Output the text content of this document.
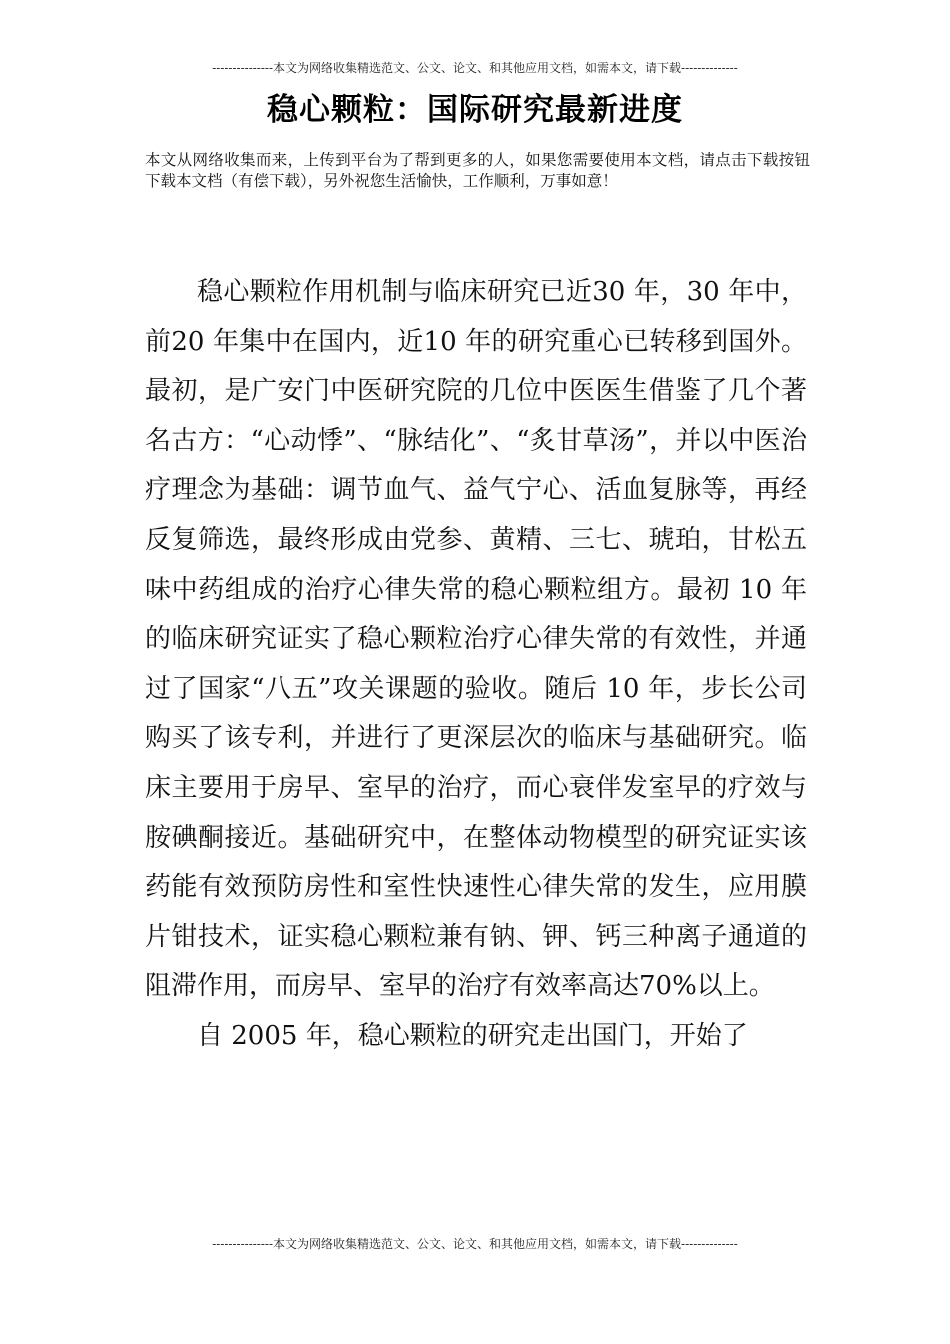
---------------本文为网络收集精选范文、公文、论文、和其他应用文档，如需本文，请下载--------------
稳心颗粒：国际研究最新进度
本文从网络收集而来，上传到平台为了帮到更多的人，如果您需要使用本文档，请点击下载按钮下载本文档（有偿下载），另外祝您生活愉快，工作顺利，万事如意！

稳心颗粒作用机制与临床研究已近30 年，30 年中，前20 年集中在国内，近10 年的研究重心已转移到国外。最初，是广安门中医研究院的几位中医医生借鉴了几个著名古方：“心动悸”、“脉结化”、“炙甘草汤”，并以中医治疗理念为基础：调节血气、益气宁心、活血复脉等，再经反复筛选，最终形成由党参、黄精、三七、琥珀，甘松五味中药组成的治疗心律失常的稳心颗粒组方。最初 10 年的临床研究证实了稳心颗粒治疗心律失常的有效性，并通过了国家“八五”攻关课题的验收。随后 10 年，步长公司购买了该专利，并进行了更深层次的临床与基础研究。临床主要用于房早、室早的治疗，而心衰伴发室早的疗效与胺碘酮接近。基础研究中，在整体动物模型的研究证实该药能有效预防房性和室性快速性心律失常的发生，应用膜片钳技术，证实稳心颗粒兼有钠、钾、钙三种离子通道的阻滞作用，而房早、室早的治疗有效率高达70%以上。

自 2005 年，稳心颗粒的研究走出国门，开始了

---------------本文为网络收集精选范文、公文、论文、和其他应用文档，如需本文，请下载--------------
